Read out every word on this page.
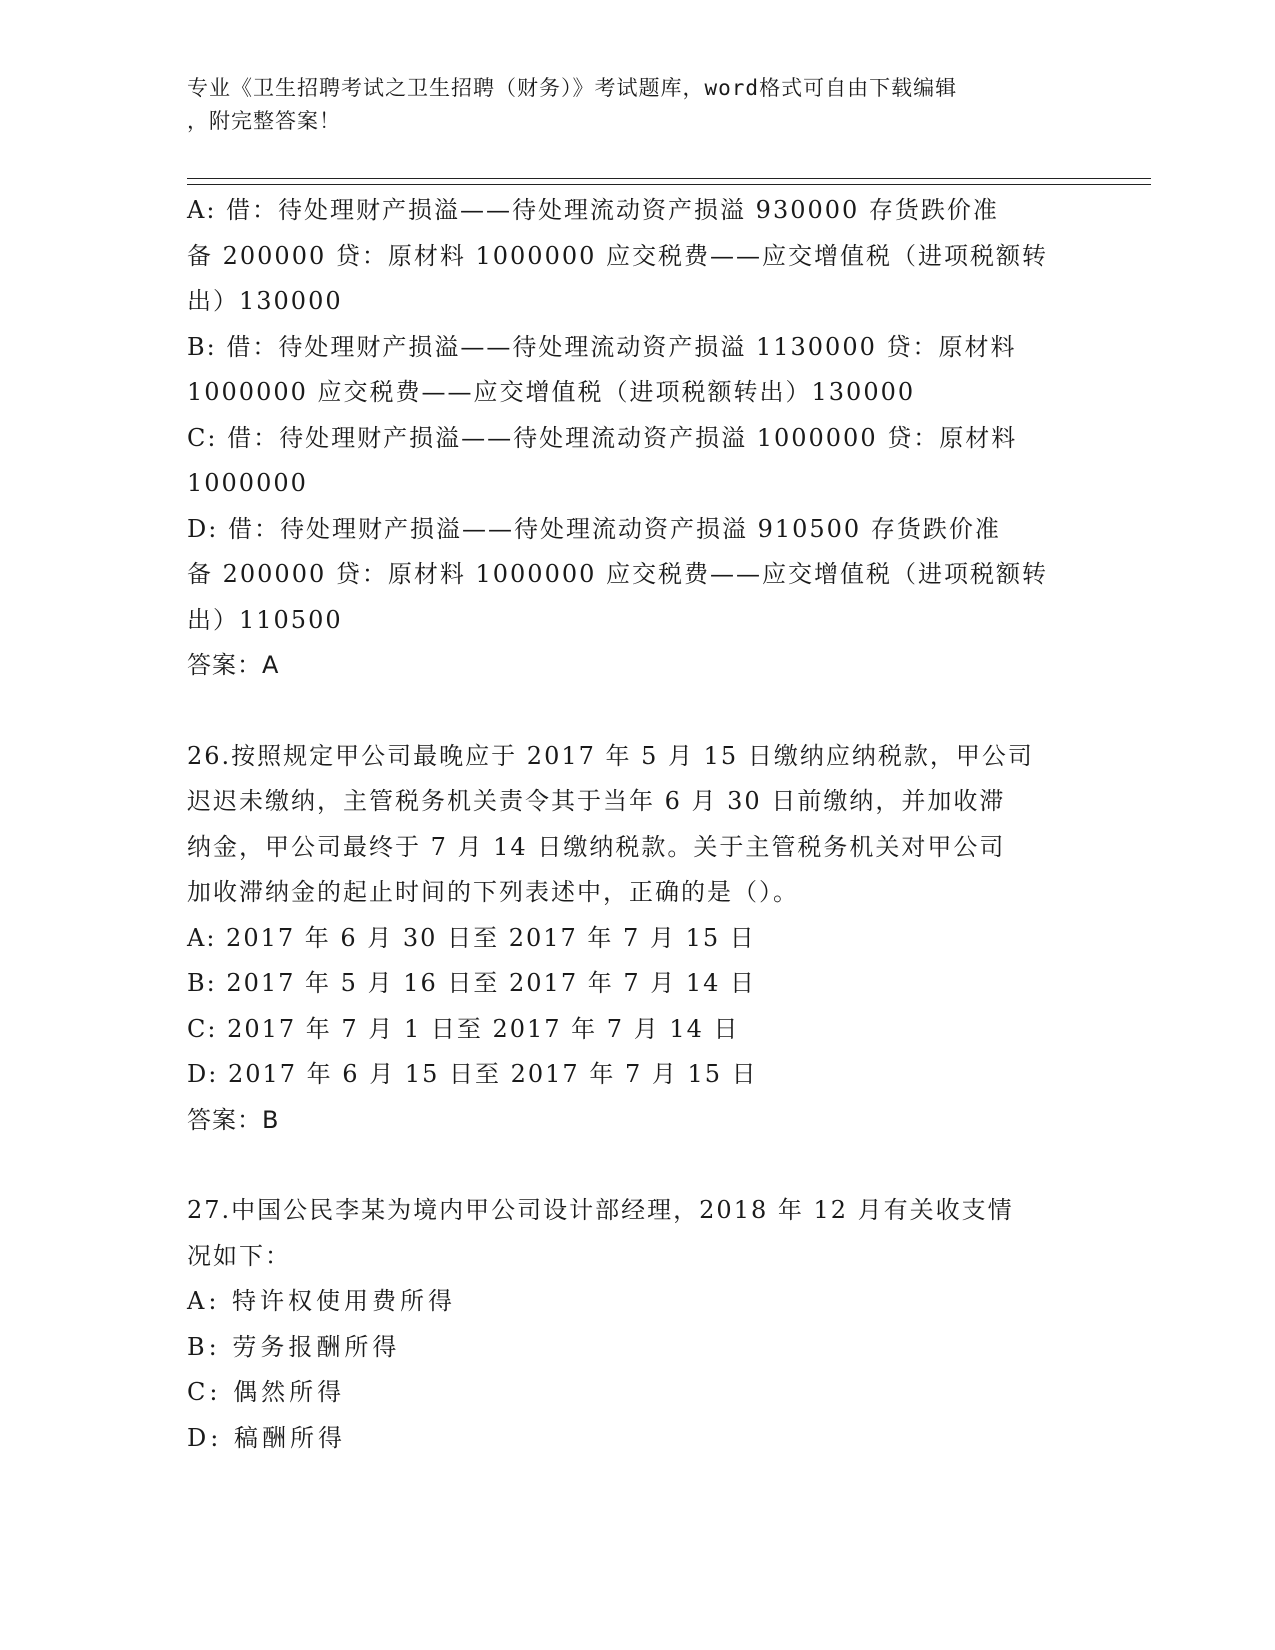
专业《卫生招聘考试之卫生招聘（财务）》考试题库，word格式可自由下载编辑
，附完整答案！
A: 借：待处理财产损溢——待处理流动资产损溢 930000 存货跌价准
备 200000 贷：原材料 1000000 应交税费——应交增值税（进项税额转
出）130000
B: 借：待处理财产损溢——待处理流动资产损溢 1130000 贷：原材料
1000000 应交税费——应交增值税（进项税额转出）130000
C: 借：待处理财产损溢——待处理流动资产损溢 1000000 贷：原材料
1000000
D: 借：待处理财产损溢——待处理流动资产损溢 910500 存货跌价准
备 200000 贷：原材料 1000000 应交税费——应交增值税（进项税额转
出）110500
答案：A
26.按照规定甲公司最晚应于 2017 年 5 月 15 日缴纳应纳税款，甲公司
迟迟未缴纳，主管税务机关责令其于当年 6 月 30 日前缴纳，并加收滞
纳金，甲公司最终于 7 月 14 日缴纳税款。关于主管税务机关对甲公司
加收滞纳金的起止时间的下列表述中，正确的是（）。
A: 2017 年 6 月 30 日至 2017 年 7 月 15 日
B: 2017 年 5 月 16 日至 2017 年 7 月 14 日
C: 2017 年 7 月 1 日至 2017 年 7 月 14 日
D: 2017 年 6 月 15 日至 2017 年 7 月 15 日
答案：B
27.中国公民李某为境内甲公司设计部经理，2018 年 12 月有关收支情
况如下：
A: 特许权使用费所得
B: 劳务报酬所得
C: 偶然所得
D: 稿酬所得
